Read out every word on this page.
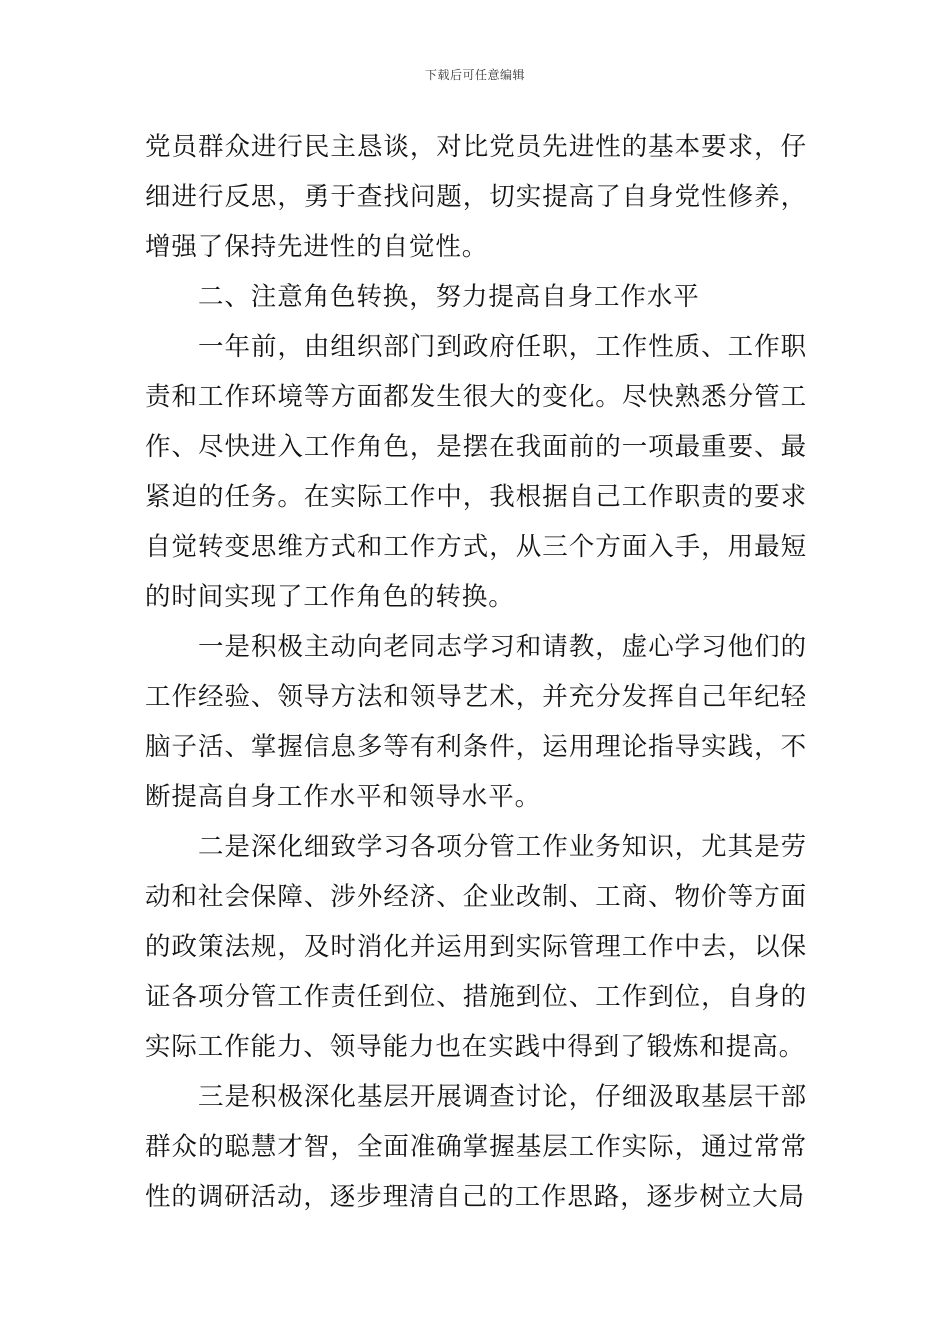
下载后可任意编辑

党员群众进行民主恳谈，对比党员先进性的基本要求，仔细进行反思，勇于查找问题，切实提高了自身党性修养，增强了保持先进性的自觉性。

二、注意角色转换，努力提高自身工作水平

一年前，由组织部门到政府任职，工作性质、工作职责和工作环境等方面都发生很大的变化。尽快熟悉分管工作、尽快进入工作角色，是摆在我面前的一项最重要、最紧迫的任务。在实际工作中，我根据自己工作职责的要求自觉转变思维方式和工作方式，从三个方面入手，用最短的时间实现了工作角色的转换。

一是积极主动向老同志学习和请教，虚心学习他们的工作经验、领导方法和领导艺术，并充分发挥自己年纪轻脑子活、掌握信息多等有利条件，运用理论指导实践，不断提高自身工作水平和领导水平。

二是深化细致学习各项分管工作业务知识，尤其是劳动和社会保障、涉外经济、企业改制、工商、物价等方面的政策法规，及时消化并运用到实际管理工作中去，以保证各项分管工作责任到位、措施到位、工作到位，自身的实际工作能力、领导能力也在实践中得到了锻炼和提高。

三是积极深化基层开展调查讨论，仔细汲取基层干部群众的聪慧才智，全面准确掌握基层工作实际，通过常常性的调研活动，逐步理清自己的工作思路，逐步树立大局
